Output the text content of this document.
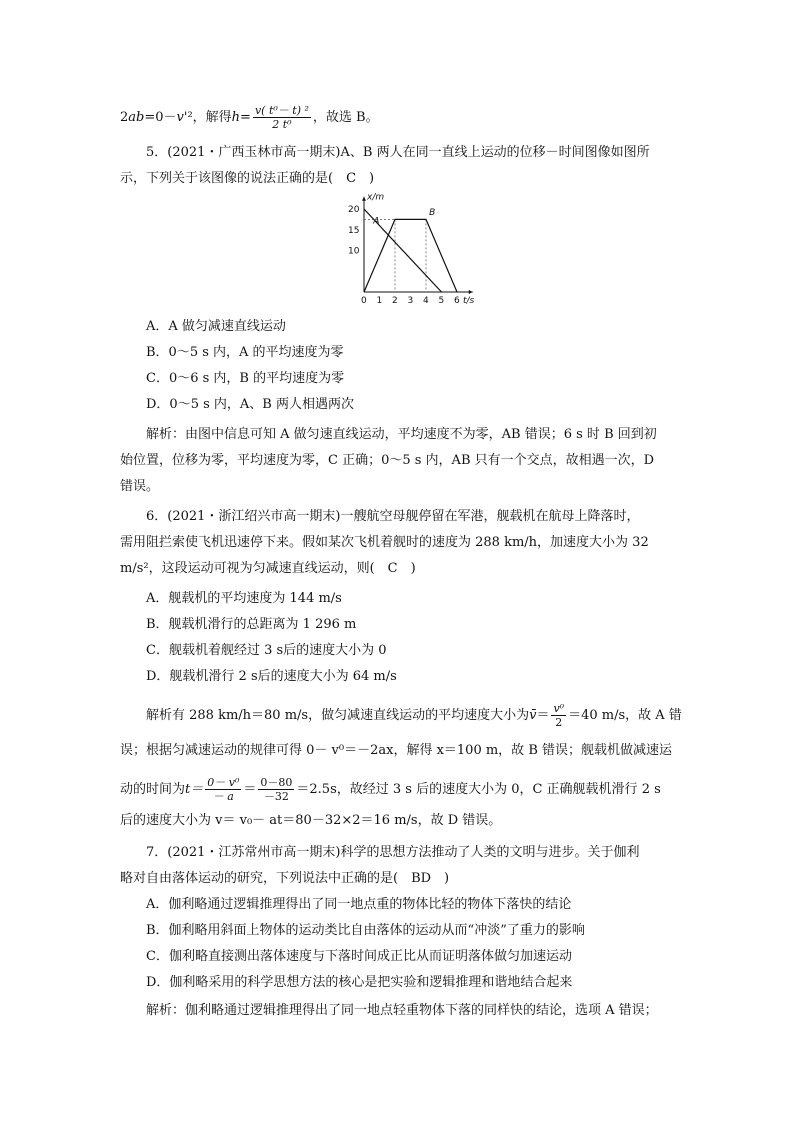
2ab=0－v'²，解得$h= \frac{\text{v( t⁰－ t) ²}}{\text{2 t⁰}}$ ，故选 B。
5．(2021・广西玉林市高一期末)A、B 两人在同一直线上运动的位移－时间图像如图所
示，下列关于该图像的说法正确的是(　C　)
x/m
t/s
0 1 2 3 4 5 6
10
15
20
A
B
A．A 做匀减速直线运动
B．0～5 s 内，A 的平均速度为零
C．0～6 s 内，B 的平均速度为零
D．0～5 s 内，A、B 两人相遇两次
解析：由图中信息可知 A 做匀速直线运动，平均速度不为零，AB 错误；6 s 时 B 回到初
始位置，位移为零，平均速度为零，C 正确；0～5 s 内，AB 只有一个交点，故相遇一次，D
错误。
6．(2021・浙江绍兴市高一期末)一艘航空母舰停留在军港，舰载机在航母上降落时，
需用阻拦索使飞机迅速停下来。假如某次飞机着舰时的速度为 288 km/h，加速度大小为 32
m/s²，这段运动可视为匀减速直线运动，则(　C　)
A．舰载机的平均速度为 144 m/s
B．舰载机滑行的总距离为 1 296 m
C．舰载机着舰经过 3 s后的速度大小为 0
D．舰载机滑行 2 s后的速度大小为 64 m/s
解析有 288 km/h＝80 m/s，做匀减速直线运动的平均速度大小为v̄＝ $\frac{\text{v⁰}}{2} =40$ m/s，故 A 错
误；根据匀减速运动的规律可得 0－ v⁰＝－2ax，解得 x＝100 m，故 B 错误；舰载机做减速运
动的时间为$t= \frac{\text{0－ v⁰}}{- a} = \frac{0-80}{-32} =2.5s$，故经过 3 s 后的速度大小为 0，C 正确舰载机滑行 2 s
后的速度大小为 v＝ v₀－ at＝80－32×2＝16 m/s，故 D 错误。
7．(2021・江苏常州市高一期末)科学的思想方法推动了人类的文明与进步。关于伽利
略对自由落体运动的研究，下列说法中正确的是(　BD　)
A．伽利略通过逻辑推理得出了同一地点重的物体比轻的物体下落快的结论
B．伽利略用斜面上物体的运动类比自由落体的运动从而“冲淡”了重力的影响
C．伽利略直接测出落体速度与下落时间成正比从而证明落体做匀加速运动
D．伽利略采用的科学思想方法的核心是把实验和逻辑推理和谐地结合起来
解析：伽利略通过逻辑推理得出了同一地点轻重物体下落的同样快的结论，选项 A 错误；
